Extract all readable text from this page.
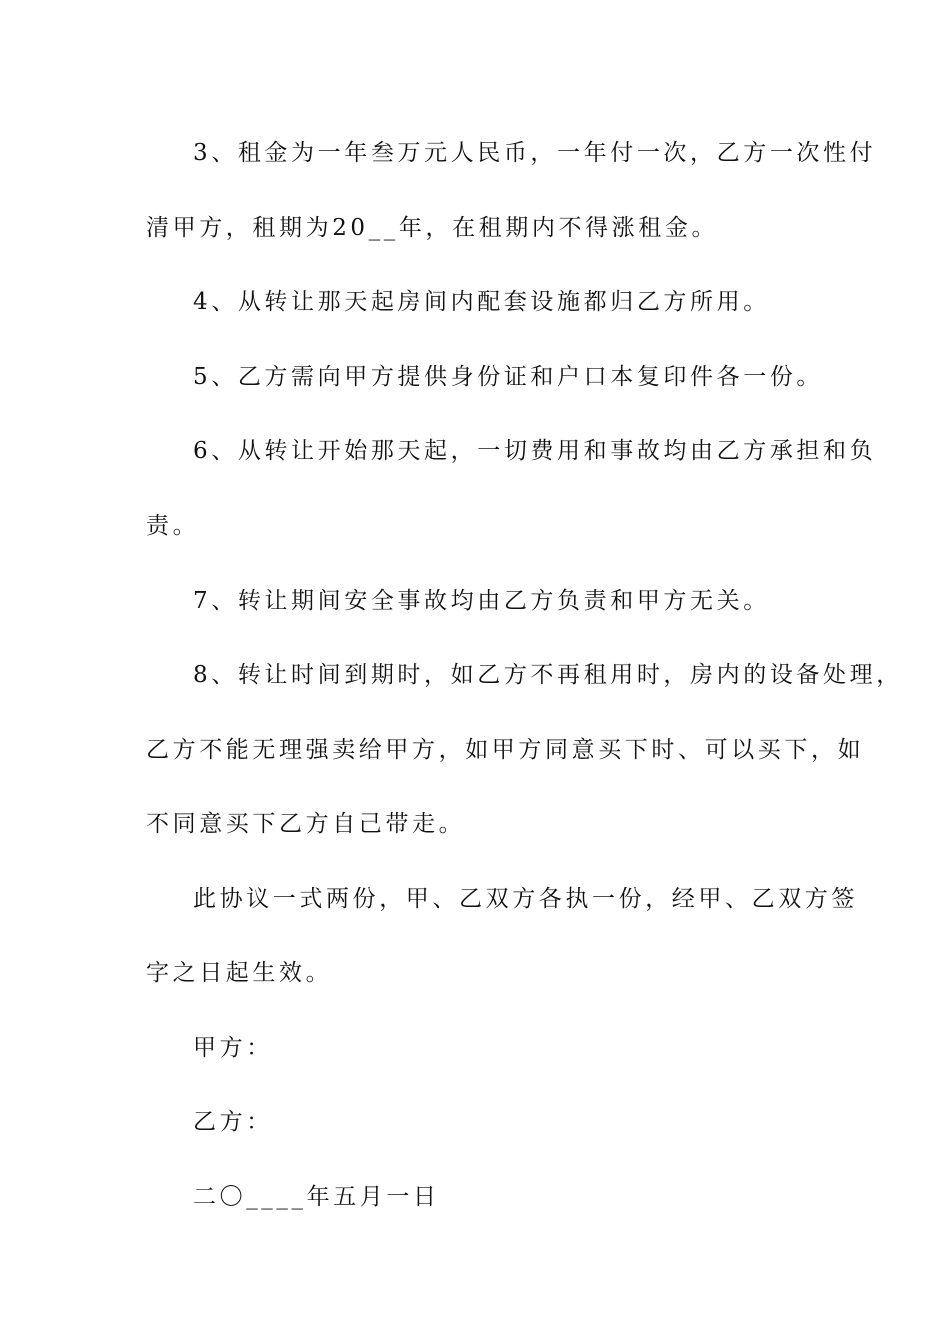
3、租金为一年叁万元人民币，一年付一次，乙方一次性付
清甲方，租期为20__年，在租期内不得涨租金。
4、从转让那天起房间内配套设施都归乙方所用。
5、乙方需向甲方提供身份证和户口本复印件各一份。
6、从转让开始那天起，一切费用和事故均由乙方承担和负
责。
7、转让期间安全事故均由乙方负责和甲方无关。
8、转让时间到期时，如乙方不再租用时，房内的设备处理，
乙方不能无理强卖给甲方，如甲方同意买下时、可以买下，如
不同意买下乙方自己带走。
此协议一式两份，甲、乙双方各执一份，经甲、乙双方签
字之日起生效。
甲方：
乙方：
二〇____年五月一日
